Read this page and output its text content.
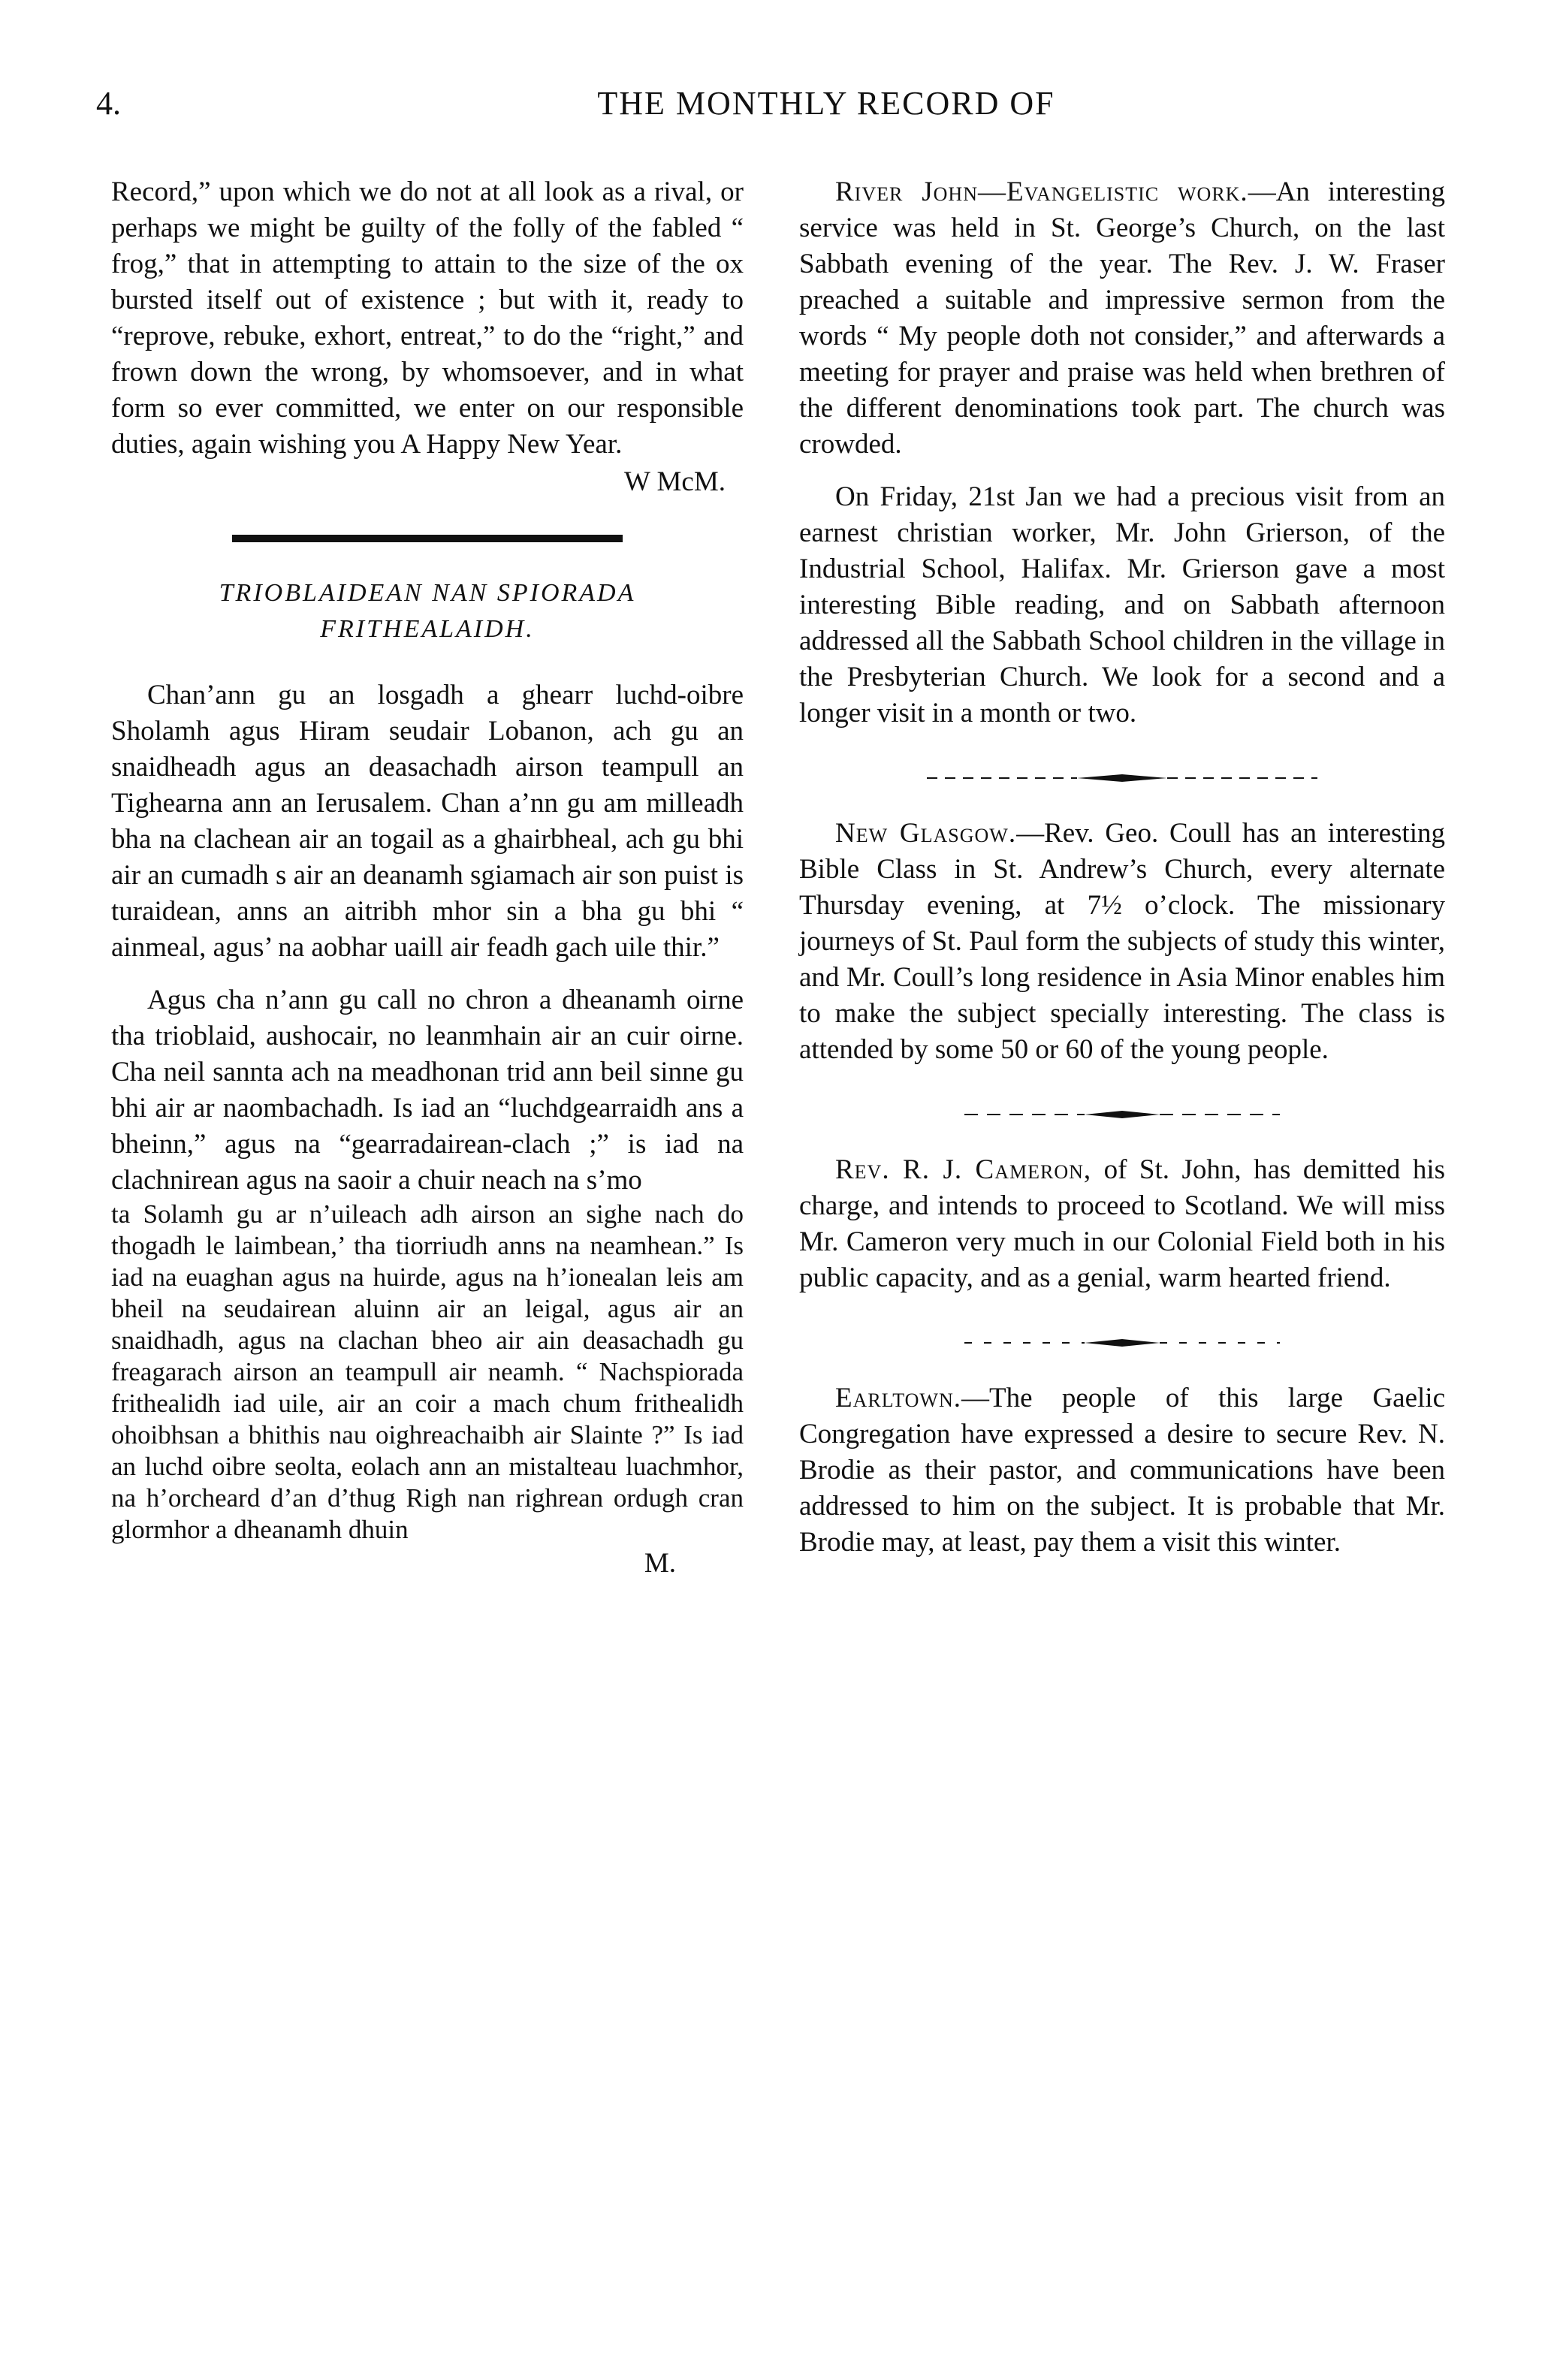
4.	THE MONTHLY RECORD OF

Record,” upon which we do not at all look as a rival, or perhaps we might be guilty of the folly of the fabled “ frog,” that in attempting to attain to the size of the ox bursted itself out of existence ; but with it, ready to “reprove, rebuke, exhort, entreat,” to do the “right,” and frown down the wrong, by whomsoever, and in what form so ever committed, we enter on our responsible duties, again wishing you A Happy New Year.

W McM.

TRIOBLAIDEAN NAN SPIORADA

FRITHEALAIDH.

Chan’ann gu an losgadh a ghearr luchd-oibre Sholamh agus Hiram seudair Lobanon, ach gu an snaidheadh agus an deasachadh airson teampull an Tighearna ann an Ierusalem. Chan a’nn gu am milleadh bha na clachean air an togail as a ghairbheal, ach gu bhi air an cumadh s air an deanamh sgiamach air son puist is turaidean, anns an aitribh mhor sin a bha gu bhi “ ainmeal, agus’ na aobhar uaill air feadh gach uile thir.”

Agus cha n’ann gu call no chron a dheanamh oirne tha trioblaid, aushocair, no leanmhain air an cuir oirne. Cha neil sannta ach na meadhonan trid ann beil sinne gu bhi air ar naombachadh. Is iad an “luchdgearraidh ans a bheinn,” agus na “gearradairean-clach ;” is iad na clachnirean agus na saoir a chuir neach na s’mo

ta Solamh gu ar n’uileach adh airson an sighe nach do thogadh le laimbean,’ tha tiorriudh anns na neamhean.” Is iad na euaghan agus na huirde, agus na h’ionealan leis am bheil na seudairean aluinn air an leigal, agus air an snaidhadh, agus na clachan bheo air ain deasachadh gu freagarach airson an teampull air neamh. “ Nachspiorada frithealidh iad uile, air an coir a mach chum frithealidh ohoibhsan a bhithis nau oighreachaibh air Slainte ?” Is iad an luchd oibre seolta, eolach ann an mistalteau luachmhor, na h’orcheard d’an d’thug Righ nan righrean ordugh cran glormhor a dheanamh dhuin

M.

River John—Evangelistic work.—An interesting service was held in St. George’s Church, on the last Sabbath evening of the year. The Rev. J. W. Fraser preached a suitable and impressive sermon from the words “ My people doth not consider,” and afterwards a meeting for prayer and praise was held when brethren of the different denominations took part. The church was crowded.

On Friday, 21st Jan we had a precious visit from an earnest christian worker, Mr. John Grierson, of the Industrial School, Halifax. Mr. Grierson gave a most interesting Bible reading, and on Sabbath afternoon addressed all the Sabbath School children in the village in the Presbyterian Church. We look for a second and a longer visit in a month or two.

New Glasgow.—Rev. Geo. Coull has an interesting Bible Class in St. Andrew’s Church, every alternate Thursday evening, at 7½ o’clock. The missionary journeys of St. Paul form the subjects of study this winter, and Mr. Coull’s long residence in Asia Minor enables him to make the subject specially interesting. The class is attended by some 50 or 60 of the young people.

Rev. R. J. Cameron, of St. John, has demitted his charge, and intends to proceed to Scotland. We will miss Mr. Cameron very much in our Colonial Field both in his public capacity, and as a genial, warm hearted friend.

Earltown.—The people of this large Gaelic Congregation have expressed a desire to secure Rev. N. Brodie as their pastor, and communications have been addressed to him on the subject. It is probable that Mr. Brodie may, at least, pay them a visit this winter.
